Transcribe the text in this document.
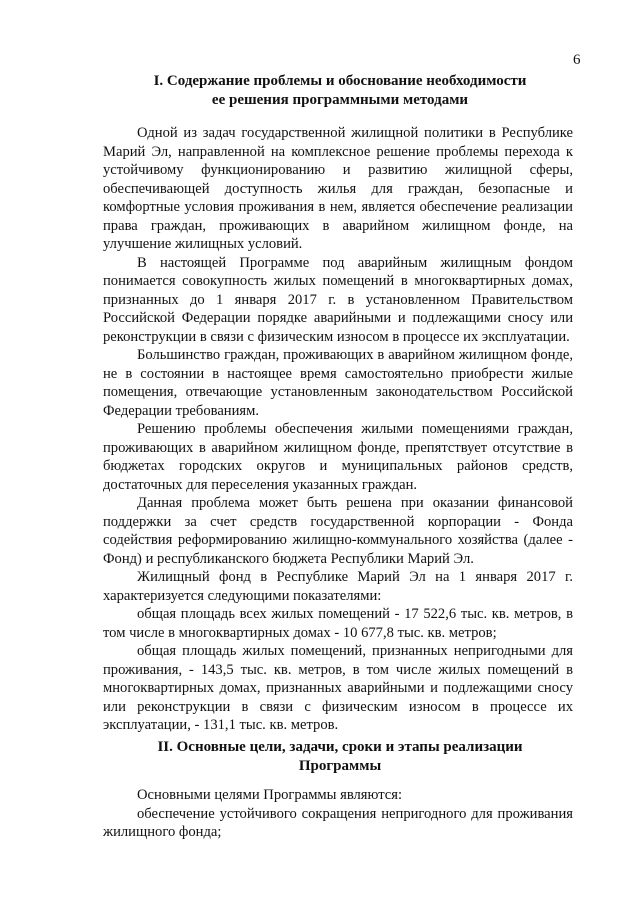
6

I. Содержание проблемы и обоснование необходимости

ее решения программными методами

Одной из задач государственной жилищной политики в Республике Марий Эл, направленной на комплексное решение проблемы перехода к устойчивому функционированию и развитию жилищной сферы, обеспечивающей доступность жилья для граждан, безопасные и комфортные условия проживания в нем, является обеспечение реализации права граждан, проживающих в аварийном жилищном фонде, на улучшение жилищных условий.

В настоящей Программе под аварийным жилищным фондом понимается совокупность жилых помещений в многоквартирных домах, признанных до 1 января 2017 г. в установленном Правительством Российской Федерации порядке аварийными и подлежащими сносу или реконструкции в связи с физическим износом в процессе их эксплуатации.

Большинство граждан, проживающих в аварийном жилищном фонде, не в состоянии в настоящее время самостоятельно приобрести жилые помещения, отвечающие установленным законодательством Российской Федерации требованиям.

Решению проблемы обеспечения жилыми помещениями граждан, проживающих в аварийном жилищном фонде, препятствует отсутствие в бюджетах городских округов и муниципальных районов средств, достаточных для переселения указанных граждан.

Данная проблема может быть решена при оказании финансовой поддержки за счет средств государственной корпорации - Фонда содействия реформированию жилищно-коммунального хозяйства (далее - Фонд) и республиканского бюджета Республики Марий Эл.

Жилищный фонд в Республике Марий Эл на 1 января 2017 г. характеризуется следующими показателями:

общая площадь всех жилых помещений - 17 522,6 тыс. кв. метров, в том числе в многоквартирных домах - 10 677,8 тыс. кв. метров;

общая площадь жилых помещений, признанных непригодными для проживания, - 143,5 тыс. кв. метров, в том числе жилых помещений в многоквартирных домах, признанных аварийными и подлежащими сносу или реконструкции в связи с физическим износом в процессе их эксплуатации, - 131,1 тыс. кв. метров.

II. Основные цели, задачи, сроки и этапы реализации

Программы

Основными целями Программы являются:

обеспечение устойчивого сокращения непригодного для проживания жилищного фонда;
